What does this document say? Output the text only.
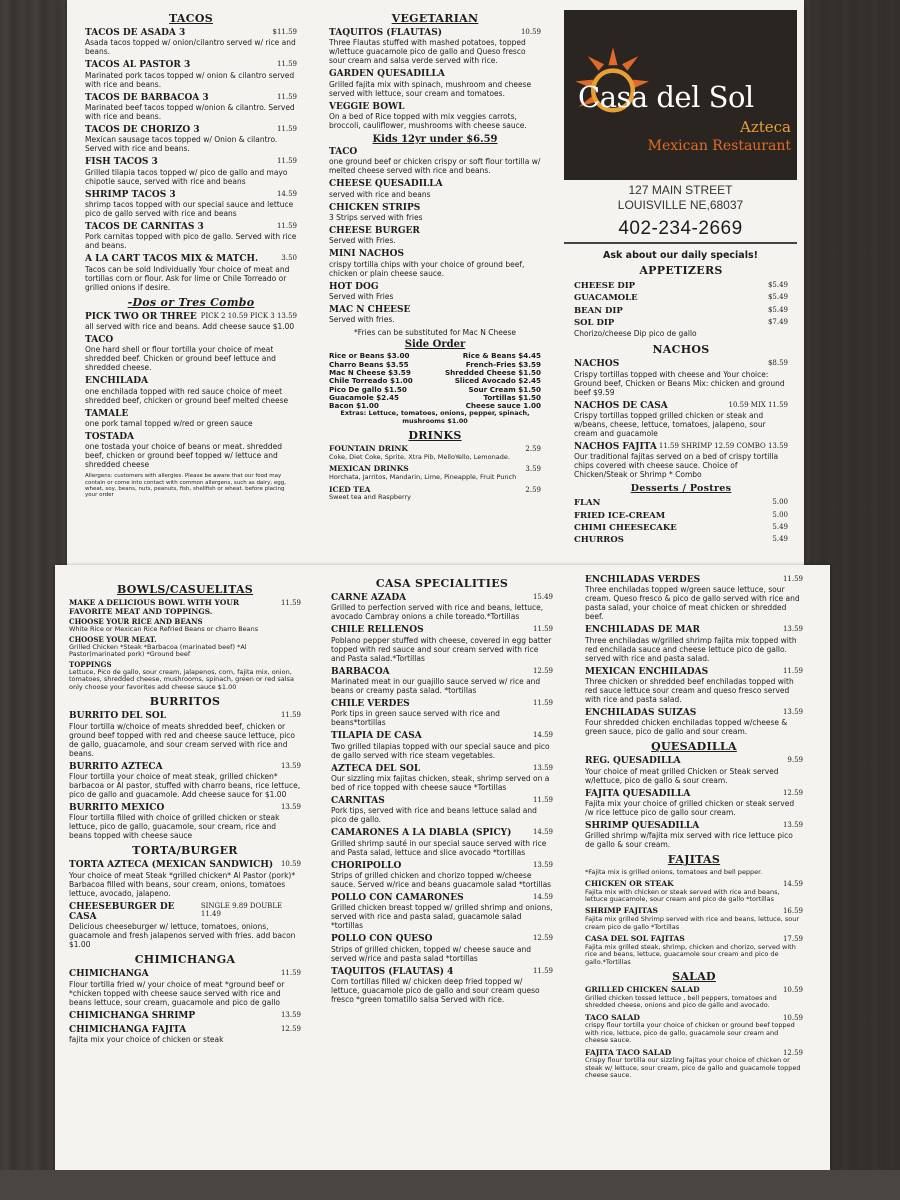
TACOS
TACOS DE ASADA 3	$11.59
Asada tacos topped w/ onion/cilantro served w/ rice and beans.
TACOS AL PASTOR 3	11.59
Marinated pork tacos topped w/ onion & cilantro served with rice and beans.
TACOS DE BARBACOA 3	11.59
Marinated beef tacos topped w/onion & cilantro. Served with rice and beans.
TACOS DE CHORIZO 3	11.59
Mexican sausage tacos topped w/ Onion & cilantro. Served with rice and beans.
FISH TACOS 3	11.59
Grilled tilapia tacos topped w/ pico de gallo and mayo chipotle sauce, served with rice and beans
SHRIMP TACOS 3	14.59
shrimp tacos topped with our special sauce and lettuce pico de gallo served with rice and beans
TACOS DE CARNITAS 3	11.59
Pork carnitas topped with pico de gallo. Served with rice and beans.
A LA CART TACOS MIX & MATCH.	3.50
Tacos can be sold Individually Your choice of meat and tortillas corn or flour. Ask for lime or Chile Torreado or grilled onions if desire.
-Dos or Tres Combo
PICK TWO OR THREE PICK 2 10.59 PICK 3 13.59
all served with rice and beans. Add cheese sauce $1.00
TACO
One hard shell or flour tortilla your choice of meat shredded beef. Chicken or ground beef lettuce and shredded cheese.
ENCHILADA
one enchilada topped with red sauce choice of meet shredded beef, chicken or ground beef melted cheese
TAMALE
one pork tamal topped w/red or green sauce
TOSTADA
one tostada your choice of beans or meat. shredded beef, chicken or ground beef topped w/ lettuce and shredded cheese
Allergens: customers with allergies. Please be aware that our food may contain or come into contact with common allergens, such as dairy, egg, wheat, soy, beans, nuts, peanuts, fish, shellfish or wheat. before placing your order
VEGETARIAN
TAQUITOS (FLAUTAS)	10.59
Three Flautas stuffed with mashed potatoes, topped w/lettuce guacamole pico de gallo and Queso fresco sour cream and salsa verde served with rice.
GARDEN QUESADILLA
Grilled fajita mix with spinach, mushroom and cheese served with lettuce, sour cream and tomatoes.
VEGGIE BOWL
On a bed of Rice topped with mix veggies carrots, broccoli, cauliflower, mushrooms with cheese sauce.
Kids 12yr under $6.59
TACO
one ground beef or chicken crispy or soft flour tortilla w/ melted cheese served with rice and beans.
CHEESE QUESADILLA
served with rice and beans
CHICKEN STRIPS
3 Strips served with fries
CHEESE BURGER
Served with Fries.
MINI NACHOS
crispy tortilla chips with your choice of ground beef, chicken or plain cheese sauce.
HOT DOG
Served with Fries
MAC N CHEESE
Served with fries.
*Fries can be substituted for Mac N Cheese
Side Order
Rice or Beans $3.00	Rice & Beans $4.45
Charro Beans $3.55	French-Fries $3.59
Mac N Cheese $3.59	Shredded Cheese $1.50
Chile Torreado $1.00	Sliced Avocado $2.45
Pico De gallo $1.50	Sour Cream $1.50
Guacamole $2.45	Tortillas $1.50
Bacon $1.00	Cheese sauce 1.00
Extras: Lettuce, tomatoes, onions, pepper, spinach, mushrooms $1.00
DRINKS
FOUNTAIN DRINK	2.59
Coke, Diet Coke, Sprite, Xtra Pib, MelloYello, Lemonade.
MEXICAN DRINKS	3.59
Horchata, Jarritos, Mandarin, Lime, Pineapple, Fruit Punch
ICED TEA	2.59
Sweet tea and Raspberry
Casa del Sol
Azteca
Mexican Restaurant
127 MAIN STREET
LOUISVILLE NE,68037
402-234-2669
Ask about our daily specials!
APPETIZERS
CHEESE DIP	$5.49
GUACAMOLE	$5.49
BEAN DIP	$5.49
SOL DIP	$7.49
Chorizo/cheese Dip pico de gallo
NACHOS
NACHOS	$8.59
Crispy tortillas topped with cheese and Your choice: Ground beef, Chicken or Beans Mix: chicken and ground beef $9.59
NACHOS DE CASA	10.59 MIX 11.59
Crispy tortillas topped grilled chicken or steak and w/beans, cheese, lettuce, tomatoes, jalapeno, sour cream and guacamole
NACHOS FAJITA 11.59 SHRIMP 12.59 COMBO 13.59
Our traditional fajitas served on a bed of crispy tortilla chips covered with cheese sauce. Choice of Chicken/Steak or Shrimp * Combo
Desserts / Postres
FLAN	5.00
FRIED ICE-CREAM	5.00
CHIMI CHEESECAKE	5.49
CHURROS	5.49
BOWLS/CASUELITAS
MAKE A DELICIOUS BOWL WITH YOUR FAVORITE MEAT AND TOPPINGS.
11.59
CHOOSE YOUR RICE AND BEANS
White Rice or Mexican Rice Refried Beans or charro Beans
CHOOSE YOUR MEAT.
Grilled Chicken *Steak *Barbacoa (marinated beef) *Al Pastor(marinated pork) *Ground beef
TOPPINGS
Lettuce, Pico de gallo, sour cream, jalapenos, corn, fajita mix, onion, tomatoes, shredded cheese, mushrooms, spinach, green or red salsa only choose your favorites add cheese sauce $1.00
BURRITOS
BURRITO DEL SOL	11.59
Flour tortilla w/choice of meats shredded beef, chicken or ground beef topped with red and cheese sauce lettuce, pico de gallo, guacamole, and sour cream served with rice and beans.
BURRITO AZTECA	13.59
Flour tortilla your choice of meat steak, grilled chicken* barbacoa or Al pastor, stuffed with charro beans, rice lettuce, pico de gallo and guacamole. Add cheese sauce for $1.00
BURRITO MEXICO	13.59
Flour tortilla filled with choice of grilled chicken or steak lettuce, pico de gallo, guacamole, sour cream, rice and beans topped with cheese sauce
TORTA/BURGER
TORTA AZTECA (MEXICAN SANDWICH) 10.59
Your choice of meat Steak *grilled chicken* Al Pastor (pork)* Barbacoa filled with beans, sour cream, onions, tomatoes lettuce, avocado, jalapeno.
CHEESEBURGER DE CASA
SINGLE 9.89 DOUBLE 11.49
Delicious cheeseburger w/ lettuce, tomatoes, onions, guacamole and fresh jalapenos served with fries. add bacon $1.00
CHIMICHANGA
CHIMICHANGA	11.59
Flour tortilla fried w/ your choice of meat *ground beef or *chicken topped with cheese sauce served with rice and beans lettuce, sour cream, guacamole and pico de gallo
CHIMICHANGA SHRIMP	13.59
CHIMICHANGA FAJITA	12.59
fajita mix your choice of chicken or steak
CASA SPECIALITIES
CARNE AZADA	15.49
Grilled to perfection served with rice and beans, lettuce, avocado Cambray onions a chile toreado.*Tortillas
CHILE RELLENOS	11.59
Poblano pepper stuffed with cheese, covered in egg batter topped with red sauce and sour cream served with rice and Pasta salad.*Tortillas
BARBACOA	12.59
Marinated meat in our guajillo sauce served w/ rice and beans or creamy pasta salad. *tortillas
CHILE VERDES	11.59
Pork tips in green sauce served with rice and beans*tortillas
TILAPIA DE CASA	14.59
Two grilled tilapias topped with our special sauce and pico de gallo served with rice steam vegetables.
AZTECA DEL SOL	13.59
Our sizzling mix fajitas chicken, steak, shrimp served on a bed of rice topped with cheese sauce *Tortillas
CARNITAS	11.59
Pork tips, served with rice and beans lettuce salad and pico de gallo.
CAMARONES A LA DIABLA (SPICY)	14.59
Grilled shrimp sauté in our special sauce served with rice and Pasta salad, lettuce and slice avocado *tortillas
CHORIPOLLO	13.59
Strips of grilled chicken and chorizo topped w/cheese sauce. Served w/rice and beans guacamole salad *tortillas
POLLO CON CAMARONES	14.59
Grilled chicken breast topped w/ grilled shrimp and onions, served with rice and pasta salad, guacamole salad *tortillas
POLLO CON QUESO	12.59
Strips of grilled chicken, topped w/ cheese sauce and served w/rice and pasta salad *tortillas
TAQUITOS (FLAUTAS) 4	11.59
Corn tortillas filled w/ chicken deep fried topped w/ lettuce, guacamole pico de gallo and sour cream queso fresco *green tomatillo salsa Served with rice.
ENCHILADAS VERDES	11.59
Three enchiladas topped w/green sauce lettuce, sour cream. Queso fresco & pico de gallo served with rice and pasta salad, your choice of meat chicken or shredded beef.
ENCHILADAS DE MAR	13.59
Three enchiladas w/grilled shrimp fajita mix topped with red enchilada sauce and cheese lettuce pico de gallo. served with rice and pasta salad.
MEXICAN ENCHILADAS	11.59
Three chicken or shredded beef enchiladas topped with red sauce lettuce sour cream and queso fresco served with rice and pasta salad.
ENCHILADAS SUIZAS	13.59
Four shredded chicken enchiladas topped w/cheese & green sauce, pico de gallo and sour cream.
QUESADILLA
REG. QUESADILLA	9.59
Your choice of meat grilled Chicken or Steak served w/lettuce, pico de gallo & sour cream.
FAJITA QUESADILLA	12.59
Fajita mix your choice of grilled chicken or steak served /w rice lettuce pico de gallo sour cream.
SHRIMP QUESADILLA	13.59
Grilled shrimp w/fajita mix served with rice lettuce pico de gallo & sour cream.
FAJITAS
*Fajita mix is grilled onions, tomatoes and bell pepper.
CHICKEN OR STEAK	14.59
Fajita mix with chicken or steak served with rice and beans, lettuce guacamole, sour cream and pico de gallo *tortillas
SHRIMP FAJITAS	16.59
Fajita mix grilled Shrimp served with rice and beans, lettuce, sour cream pico de gallo *Tortillas
CASA DEL SOL FAJITAS	17.59
Fajita mix grilled steak, shrimp, chicken and chorizo, served with rice and beans, lettuce, guacamole sour cream and pico de gallo.*Tortillas
SALAD
GRILLED CHICKEN SALAD	10.59
Grilled chicken tossed lettuce , bell peppers, tomatoes and shredded cheese, onions and pico de gallo and avocado.
TACO SALAD	10.59
crispy flour tortilla your choice of chicken or ground beef topped with rice, lettuce, pico de gallo, guacamole sour cream and cheese sauce.
FAJITA TACO SALAD	12.59
Crispy flour tortilla our sizzling fajitas your choice of chicken or steak w/ lettuce, sour cream, pico de gallo and guacamole topped cheese sauce.
